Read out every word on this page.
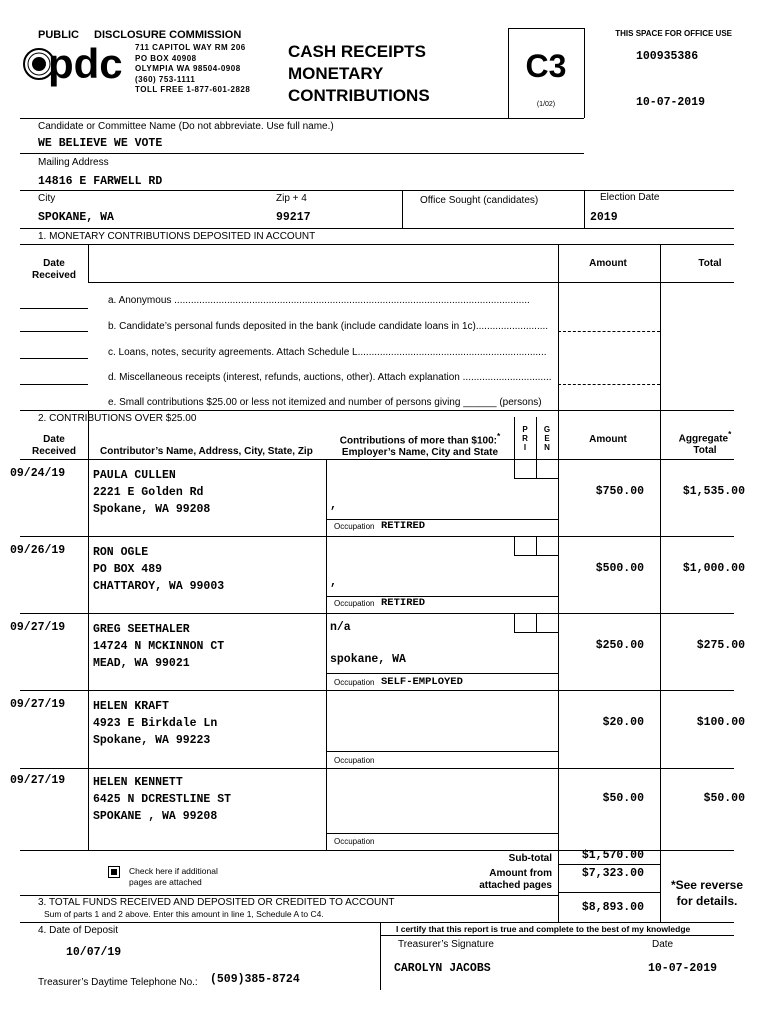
PUBLIC DISCLOSURE COMMISSION
pdc 711 CAPITOL WAY RM 206
PO BOX 40908
OLYMPIA WA 98504-0908
(360) 753-1111
TOLL FREE 1-877-601-2828
CASH RECEIPTS
MONETARY
CONTRIBUTIONS
C3
(1/02)
THIS SPACE FOR OFFICE USE
100935386
10-07-2019
Candidate or Committee Name (Do not abbreviate. Use full name.)
WE BELIEVE WE VOTE
Mailing Address
14816 E FARWELL RD
City	Zip + 4	Office Sought (candidates)	Election Date
SPOKANE, WA	99217	2019
1. MONETARY CONTRIBUTIONS DEPOSITED IN ACCOUNT
Date
Received
Amount	Total
a. Anonymous ................................................................................................................................
b. Candidate’s personal funds deposited in the bank (include candidate loans in 1c)..........................
c. Loans, notes, security agreements. Attach Schedule L....................................................................
d. Miscellaneous receipts (interest, refunds, auctions, other). Attach explanation ................................
e. Small contributions $25.00 or less not itemized and number of persons giving ______ (persons)
2. CONTRIBUTIONS OVER $25.00
Date
Received	Contributor’s Name, Address, City, State, Zip
Contributions of more than $100:*
Employer’s Name, City and State
P R I
G E N
Amount	Aggregate*
Total
09/24/19 PAULA CULLEN
2221 E Golden Rd
Spokane, WA 99208	,
Occupation RETIRED
$750.00	$1,535.00
09/26/19 RON OGLE
PO BOX 489
CHATTAROY, WA 99003	,
Occupation RETIRED
$500.00	$1,000.00
09/27/19 GREG SEETHALER
14724 N MCKINNON CT
MEAD, WA 99021
n/a
spokane, WA
Occupation SELF-EMPLOYED
$250.00	$275.00
09/27/19 HELEN KRAFT
4923 E Birkdale Ln
Spokane, WA 99223
Occupation
$20.00	$100.00
09/27/19 HELEN KENNETT
6425 N DCRESTLINE ST
SPOKANE , WA 99208
Occupation
$50.00	$50.00
Check here if additional
pages are attached
Sub-total	$1,570.00
Amount from
attached pages
$7,323.00
*See reverse
for details.
3. TOTAL FUNDS RECEIVED AND DEPOSITED OR CREDITED TO ACCOUNT
Sum of parts 1 and 2 above. Enter this amount in line 1, Schedule A to C4.	$8,893.00
4. Date of Deposit
10/07/19
I certify that this report is true and complete to the best of my knowledge
Treasurer’s Signature	Date
CAROLYN JACOBS	10-07-2019
Treasurer’s Daytime Telephone No.: (509)385-8724
